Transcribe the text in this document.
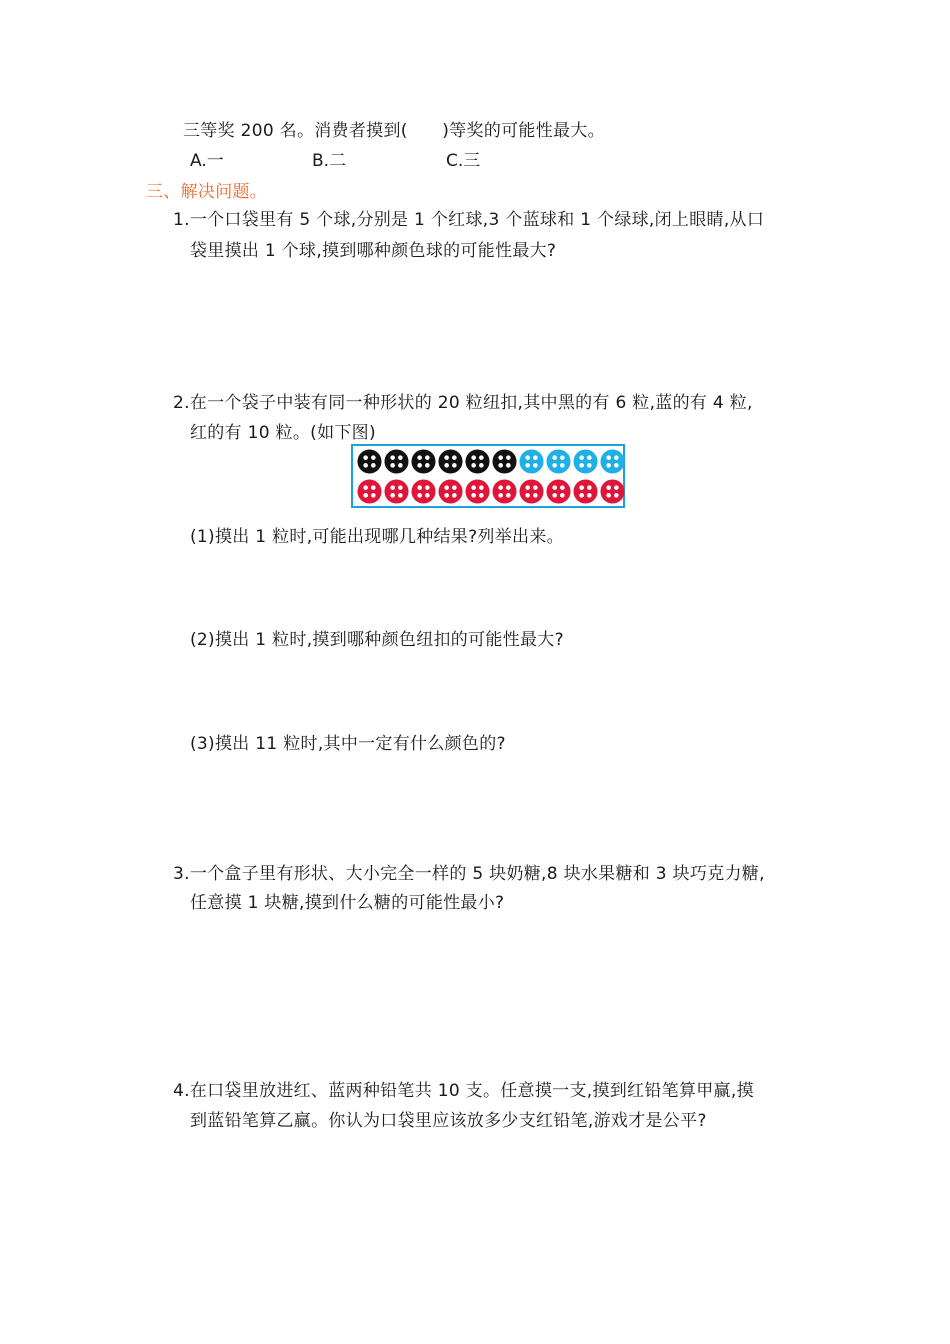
三等奖 200 名。消费者摸到(　　)等奖的可能性最大。
A.一	B.二	C.三
三、解决问题。
1.一个口袋里有 5 个球,分别是 1 个红球,3 个蓝球和 1 个绿球,闭上眼睛,从口
袋里摸出 1 个球,摸到哪种颜色球的可能性最大?
2.在一个袋子中装有同一种形状的 20 粒纽扣,其中黑的有 6 粒,蓝的有 4 粒,
红的有 10 粒。(如下图)
(1)摸出 1 粒时,可能出现哪几种结果?列举出来。
(2)摸出 1 粒时,摸到哪种颜色纽扣的可能性最大?
(3)摸出 11 粒时,其中一定有什么颜色的?
3.一个盒子里有形状、大小完全一样的 5 块奶糖,8 块水果糖和 3 块巧克力糖,
任意摸 1 块糖,摸到什么糖的可能性最小?
4.在口袋里放进红、蓝两种铅笔共 10 支。任意摸一支,摸到红铅笔算甲赢,摸
到蓝铅笔算乙赢。你认为口袋里应该放多少支红铅笔,游戏才是公平?
